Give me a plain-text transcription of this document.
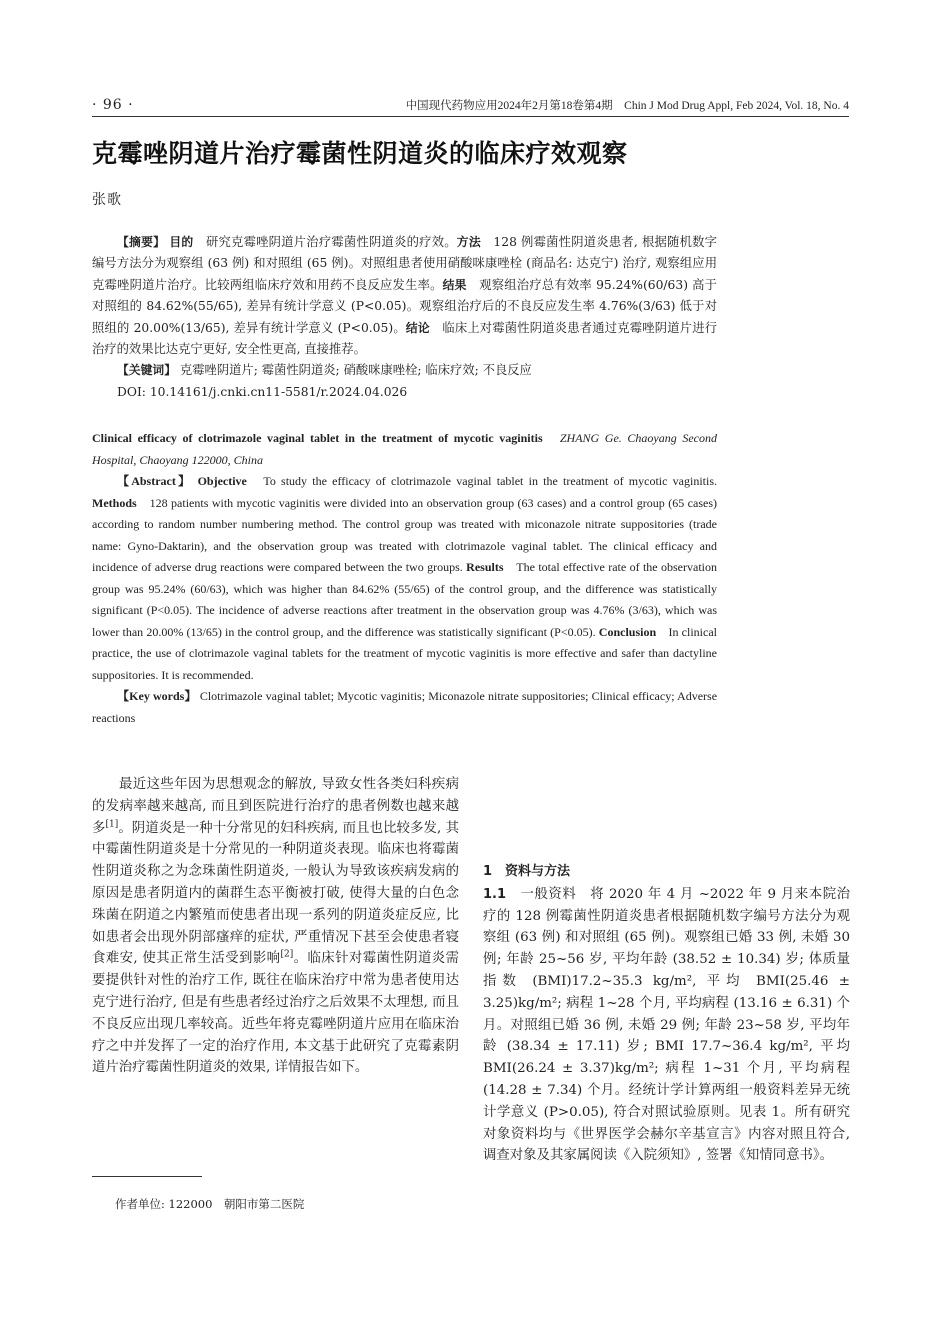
· 96 ·	中国现代药物应用2024年2月第18卷第4期　Chin J Mod Drug Appl, Feb 2024, Vol. 18, No. 4
克霉唑阴道片治疗霉菌性阴道炎的临床疗效观察
张歌
【摘要】 目的　 研究克霉唑阴道片治疗霉菌性阴道炎的疗效。方法　 128 例霉菌性阴道炎患者, 根据随机数字编号方法分为观察组 (63 例) 和对照组 (65 例)。对照组患者使用硝酸咪康唑栓 (商品名: 达克宁) 治疗, 观察组应用克霉唑阴道片治疗。比较两组临床疗效和用药不良反应发生率。结果　 观察组治疗总有效率 95.24%(60/63) 高于对照组的 84.62%(55/65), 差异有统计学意义 (P<0.05)。观察组治疗后的不良反应发生率 4.76%(3/63) 低于对照组的 20.00%(13/65), 差异有统计学意义 (P<0.05)。结论　 临床上对霉菌性阴道炎患者通过克霉唑阴道片进行治疗的效果比达克宁更好, 安全性更高, 直接推荐。
【关键词】 克霉唑阴道片; 霉菌性阴道炎; 硝酸咪康唑栓; 临床疗效; 不良反应
DOI: 10.14161/j.cnki.cn11-5581/r.2024.04.026
Clinical efficacy of clotrimazole vaginal tablet in the treatment of mycotic vaginitis　 ZHANG Ge. Chaoyang Second Hospital, Chaoyang 122000, China

【Abstract】 Objective　 To study the efficacy of clotrimazole vaginal tablet in the treatment of mycotic vaginitis. Methods　 128 patients with mycotic vaginitis were divided into an observation group (63 cases) and a control group (65 cases) according to random number numbering method. The control group was treated with miconazole nitrate suppositories (trade name: Gyno-Daktarin), and the observation group was treated with clotrimazole vaginal tablet. The clinical efficacy and incidence of adverse drug reactions were compared between the two groups. Results　 The total effective rate of the observation group was 95.24% (60/63), which was higher than 84.62% (55/65) of the control group, and the difference was statistically significant (P<0.05). The incidence of adverse reactions after treatment in the observation group was 4.76% (3/63), which was lower than 20.00% (13/65) in the control group, and the difference was statistically significant (P<0.05). Conclusion　 In clinical practice, the use of clotrimazole vaginal tablets for the treatment of mycotic vaginitis is more effective and safer than dactyline suppositories. It is recommended.

【Key words】 Clotrimazole vaginal tablet; Mycotic vaginitis; Miconazole nitrate suppositories; Clinical efficacy; Adverse reactions

最近这些年因为思想观念的解放, 导致女性各类妇科疾病的发病率越来越高, 而且到医院进行治疗的患者例数也越来越多[1]。阴道炎是一种十分常见的妇科疾病, 而且也比较多发, 其中霉菌性阴道炎是十分常见的一种阴道炎表现。临床也将霉菌性阴道炎称之为念珠菌性阴道炎, 一般认为导致该疾病发病的原因是患者阴道内的菌群生态平衡被打破, 使得大量的白色念珠菌在阴道之内繁殖而使患者出现一系列的阴道炎症反应, 比如患者会出现外阴部瘙痒的症状, 严重情况下甚至会使患者寝食难安, 使其正常生活受到影响[2]。临床针对霉菌性阴道炎需要提供针对性的治疗工作, 既往在临床治疗中常为患者使用达克宁进行治疗, 但是有些患者经过治疗之后效果不太理想, 而且不良反应出现几率较高。近些年将克霉唑阴道片应用在临床治疗之中并发挥了一定的治疗作用, 本文基于此研究了克霉素阴道片治疗霉菌性阴道炎的效果, 详情报告如下。

1　资料与方法

1.1　 一般资料　 将 2020 年 4 月 ~2022 年 9 月来本院治疗的 128 例霉菌性阴道炎患者根据随机数字编号方法分为观察组 (63 例) 和对照组 (65 例)。观察组已婚 33 例, 未婚 30 例; 年龄 25~56 岁, 平均年龄 (38.52 ± 10.34) 岁; 体质量指数 (BMI)17.2~35.3 kg/m², 平均 BMI(25.46 ± 3.25)kg/m²; 病程 1~28 个月, 平均病程 (13.16 ± 6.31) 个月。对照组已婚 36 例, 未婚 29 例; 年龄 23~58 岁, 平均年龄 (38.34 ± 17.11) 岁; BMI 17.7~36.4 kg/m², 平均 BMI(26.24 ± 3.37)kg/m²; 病程 1~31 个月, 平均病程 (14.28 ± 7.34) 个月。经统计学计算两组一般资料差异无统计学意义 (P>0.05), 符合对照试验原则。见表 1。所有研究对象资料均与《世界医学会赫尔辛基宣言》内容对照且符合, 调查对象及其家属阅读《入院须知》, 签署《知情同意书》。

作者单位: 122000　朝阳市第二医院
